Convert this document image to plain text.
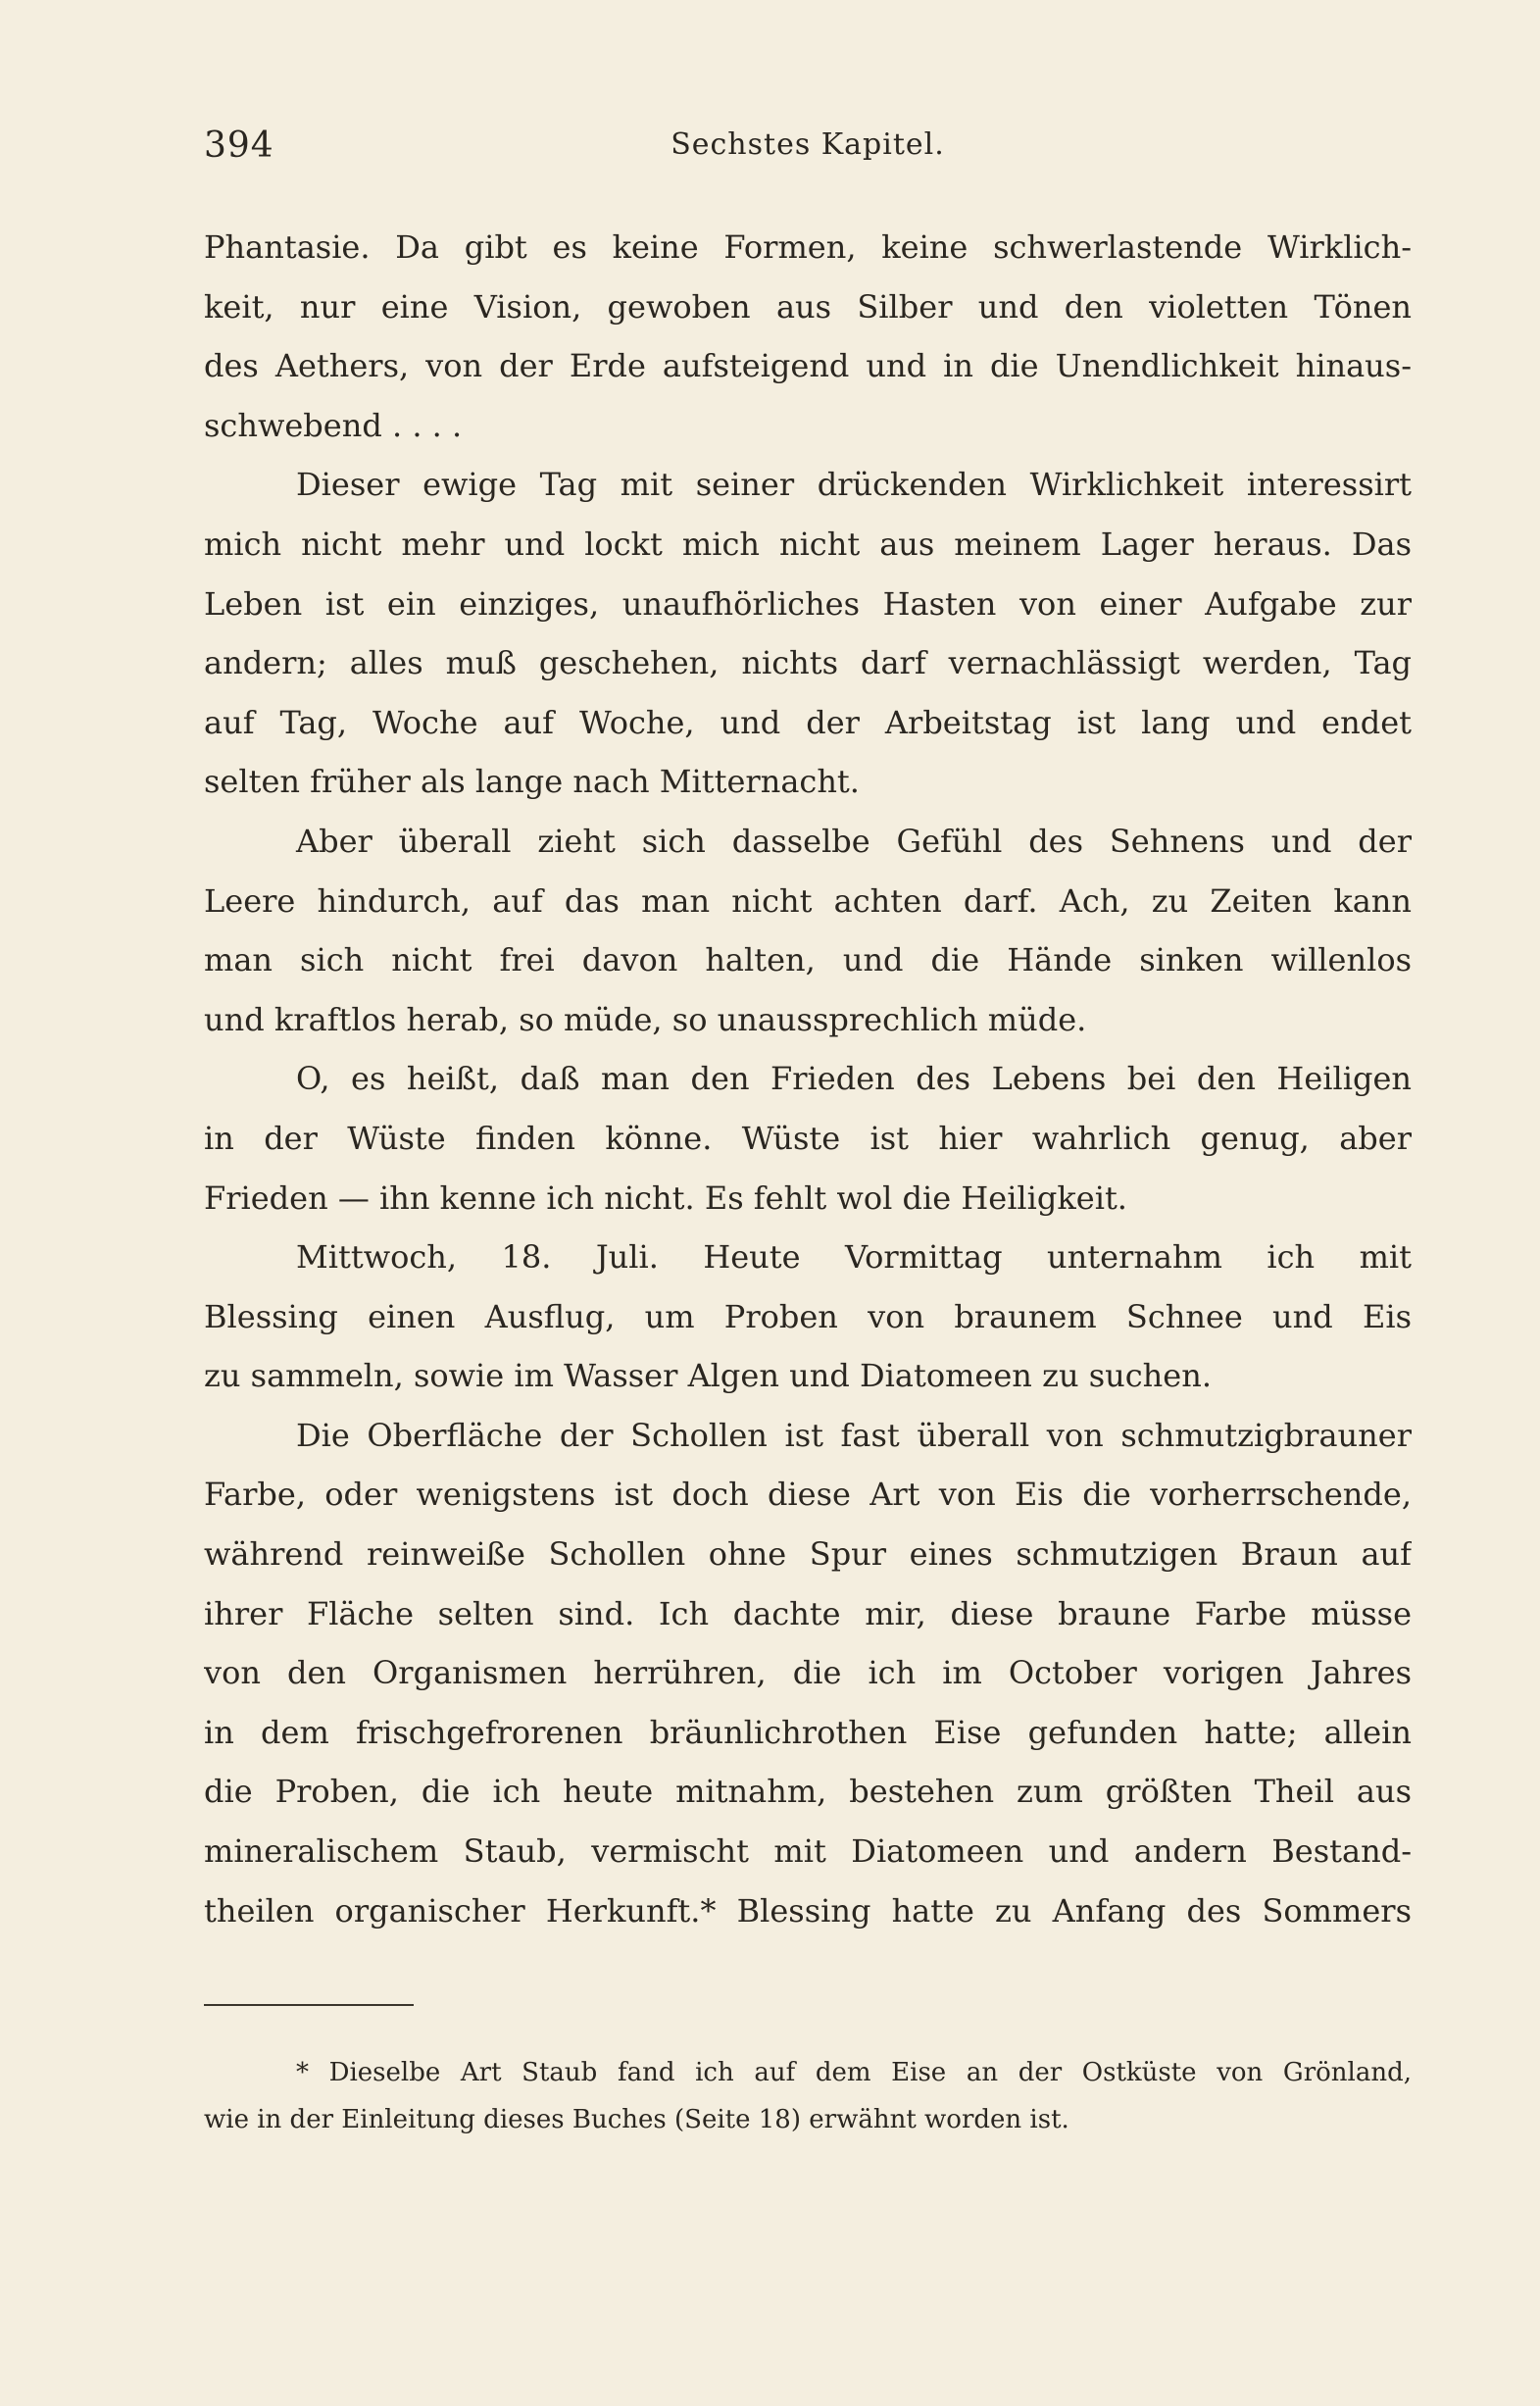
394	Sechstes Kapitel.
Phantasie. Da gibt es keine Formen, keine schwerlastende Wirklich-
keit, nur eine Vision, gewoben aus Silber und den violetten Tönen
des Aethers, von der Erde aufsteigend und in die Unendlichkeit hinaus-
schwebend . . . .
Dieser ewige Tag mit seiner drückenden Wirklichkeit interessirt
mich nicht mehr und lockt mich nicht aus meinem Lager heraus. Das
Leben ist ein einziges, unaufhörliches Hasten von einer Aufgabe zur
andern; alles muß geschehen, nichts darf vernachlässigt werden, Tag
auf Tag, Woche auf Woche, und der Arbeitstag ist lang und endet
selten früher als lange nach Mitternacht.
Aber überall zieht sich dasselbe Gefühl des Sehnens und der
Leere hindurch, auf das man nicht achten darf. Ach, zu Zeiten kann
man sich nicht frei davon halten, und die Hände sinken willenlos
und kraftlos herab, so müde, so unaussprechlich müde.
O, es heißt, daß man den Frieden des Lebens bei den Heiligen
in der Wüste finden könne. Wüste ist hier wahrlich genug, aber
Frieden — ihn kenne ich nicht. Es fehlt wol die Heiligkeit.
Mittwoch, 18. Juli. Heute Vormittag unternahm ich mit
Blessing einen Ausflug, um Proben von braunem Schnee und Eis
zu sammeln, sowie im Wasser Algen und Diatomeen zu suchen.
Die Oberfläche der Schollen ist fast überall von schmutzigbrauner
Farbe, oder wenigstens ist doch diese Art von Eis die vorherrschende,
während reinweiße Schollen ohne Spur eines schmutzigen Braun auf
ihrer Fläche selten sind. Ich dachte mir, diese braune Farbe müsse
von den Organismen herrühren, die ich im October vorigen Jahres
in dem frischgefrorenen bräunlichrothen Eise gefunden hatte; allein
die Proben, die ich heute mitnahm, bestehen zum größten Theil aus
mineralischem Staub, vermischt mit Diatomeen und andern Bestand-
theilen organischer Herkunft.* Blessing hatte zu Anfang des Sommers
* Dieselbe Art Staub fand ich auf dem Eise an der Ostküste von Grönland,
wie in der Einleitung dieses Buches (Seite 18) erwähnt worden ist.
